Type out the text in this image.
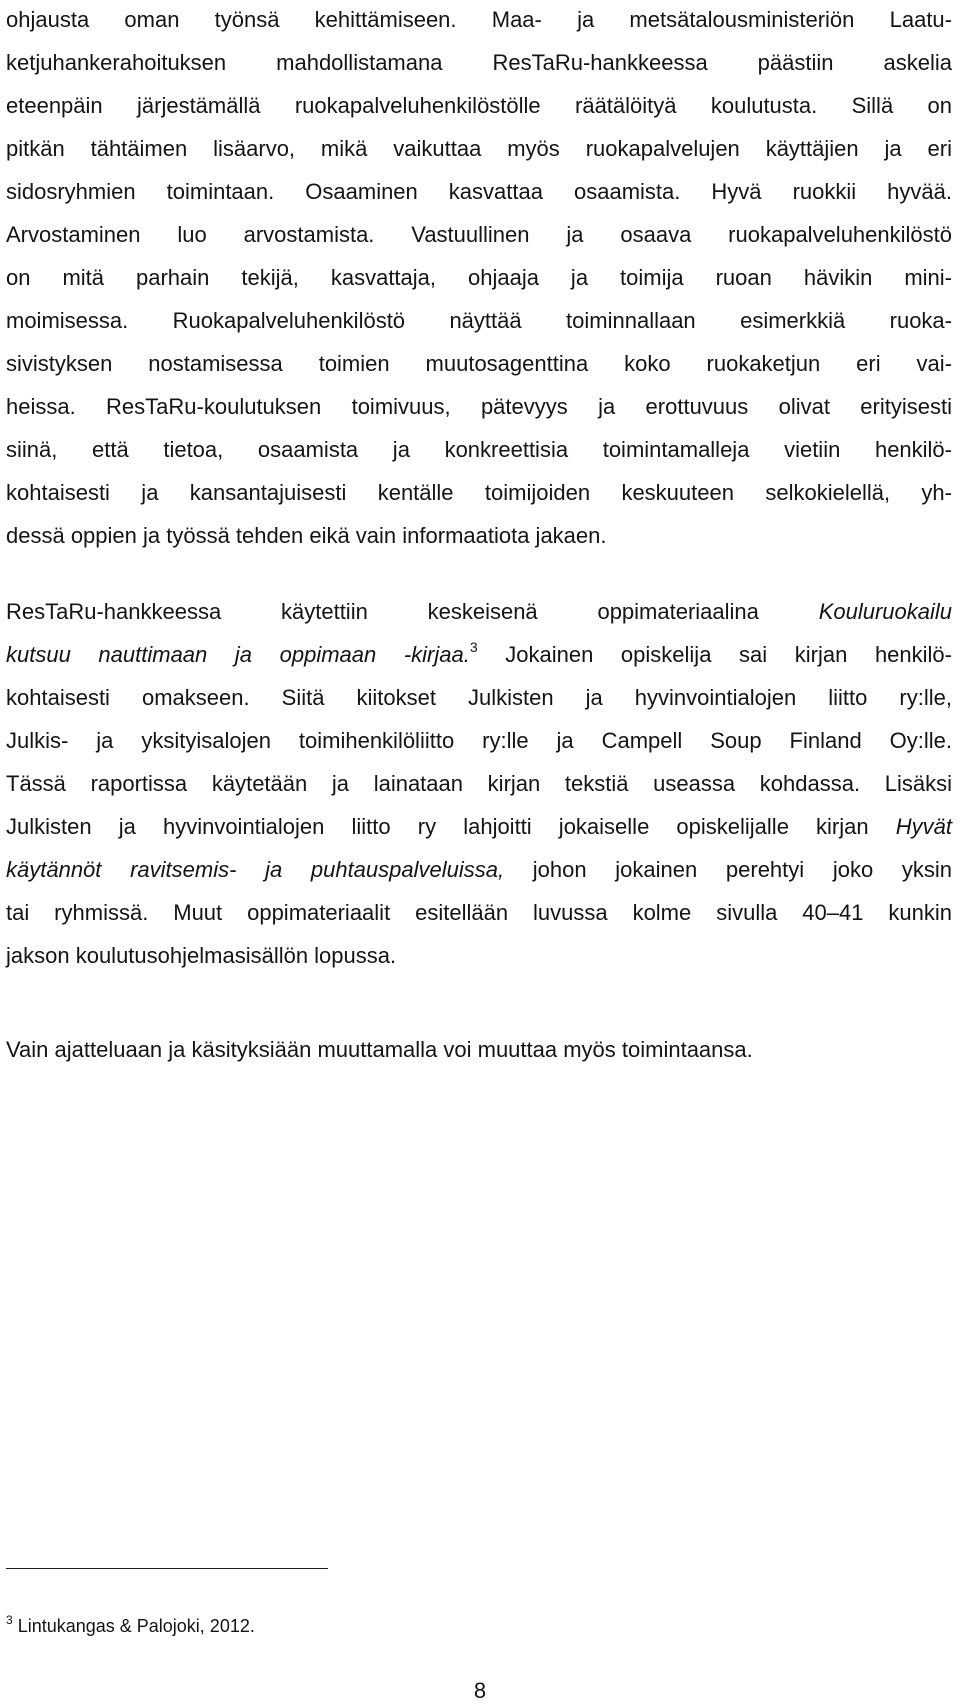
ohjausta oman työnsä kehittämiseen. Maa- ja metsätalousministeriön Laatu-
ketjuhankerahoituksen mahdollistamana ResTaRu-hankkeessa päästiin askelia
eteenpäin järjestämällä ruokapalveluhenkilöstölle räätälöityä koulutusta. Sillä on
pitkän tähtäimen lisäarvo, mikä vaikuttaa myös ruokapalvelujen käyttäjien ja eri
sidosryhmien toimintaan. Osaaminen kasvattaa osaamista. Hyvä ruokkii hyvää.
Arvostaminen luo arvostamista. Vastuullinen ja osaava ruokapalveluhenkilöstö
on mitä parhain tekijä, kasvattaja, ohjaaja ja toimija ruoan hävikin mini-
moimisessa. Ruokapalveluhenkilöstö näyttää toiminnallaan esimerkkiä ruoka-
sivistyksen nostamisessa toimien muutosagenttina koko ruokaketjun eri vai-
heissa. ResTaRu-koulutuksen toimivuus, pätevyys ja erottuvuus olivat erityisesti
siinä, että tietoa, osaamista ja konkreettisia toimintamalleja vietiin henkilö-
kohtaisesti ja kansantajuisesti kentälle toimijoiden keskuuteen selkokielellä, yh-
dessä oppien ja työssä tehden eikä vain informaatiota jakaen.
ResTaRu-hankkeessa käytettiin keskeisenä oppimateriaalina	Kouluruokailu
kutsuu nauttimaan ja oppimaan -kirjaa.$^3$ Jokainen opiskelija sai kirjan henkilö-
kohtaisesti omakseen. Siitä kiitokset Julkisten ja hyvinvointialojen liitto ry:lle,
Julkis- ja yksityisalojen toimihenkilöliitto ry:lle ja Campell Soup Finland Oy:lle.
Tässä raportissa käytetään ja lainataan kirjan tekstiä useassa kohdassa. Lisäksi
Julkisten ja hyvinvointialojen liitto ry lahjoitti jokaiselle opiskelijalle kirjan Hyvät
käytännöt ravitsemis- ja puhtauspalveluissa, johon jokainen perehtyi joko yksin
tai ryhmissä. Muut oppimateriaalit esitellään luvussa kolme sivulla 40–41 kunkin
jakson koulutusohjelmasisällön lopussa.
Vain ajatteluaan ja käsityksiään muuttamalla voi muuttaa myös toimintaansa.
$^3$ Lintukangas & Palojoki, 2012.
8
